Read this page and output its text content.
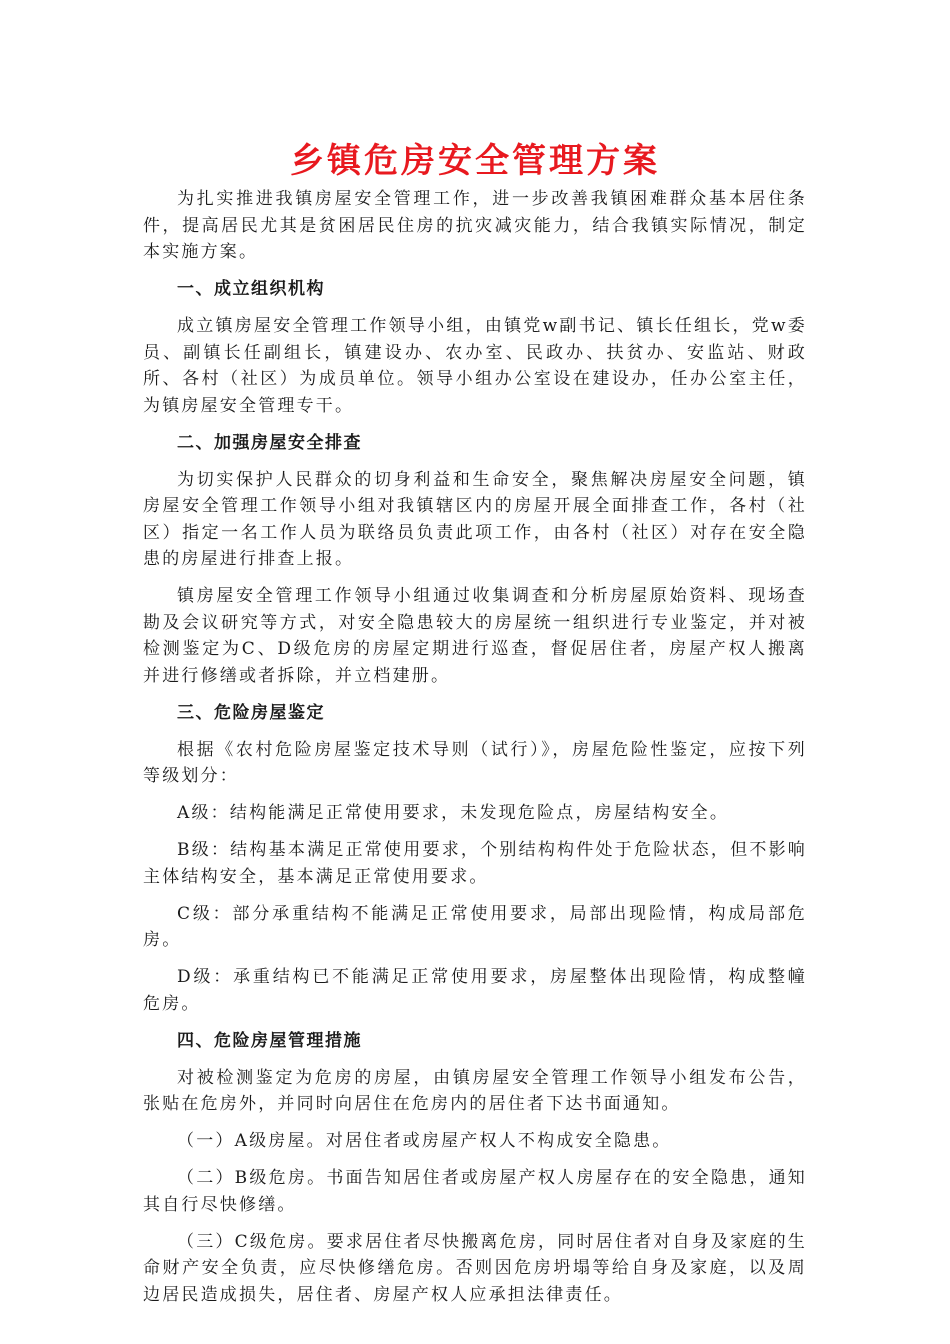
乡镇危房安全管理方案

为扎实推进我镇房屋安全管理工作，进一步改善我镇困难群众基本居住条件，提高居民尤其是贫困居民住房的抗灾减灾能力，结合我镇实际情况，制定本实施方案。

一、成立组织机构

成立镇房屋安全管理工作领导小组，由镇党w副书记、镇长任组长，党w委员、副镇长任副组长，镇建设办、农办室、民政办、扶贫办、安监站、财政所、各村（社区）为成员单位。领导小组办公室设在建设办，任办公室主任，为镇房屋安全管理专干。

二、加强房屋安全排查

为切实保护人民群众的切身利益和生命安全，聚焦解决房屋安全问题，镇房屋安全管理工作领导小组对我镇辖区内的房屋开展全面排查工作，各村（社区）指定一名工作人员为联络员负责此项工作，由各村（社区）对存在安全隐患的房屋进行排查上报。

镇房屋安全管理工作领导小组通过收集调查和分析房屋原始资料、现场查勘及会议研究等方式，对安全隐患较大的房屋统一组织进行专业鉴定，并对被检测鉴定为C、D级危房的房屋定期进行巡查，督促居住者，房屋产权人搬离并进行修缮或者拆除，并立档建册。

三、危险房屋鉴定

根据《农村危险房屋鉴定技术导则（试行）》，房屋危险性鉴定，应按下列等级划分：

A级：结构能满足正常使用要求，未发现危险点，房屋结构安全。

B级：结构基本满足正常使用要求，个别结构构件处于危险状态，但不影响主体结构安全，基本满足正常使用要求。

C级：部分承重结构不能满足正常使用要求，局部出现险情，构成局部危房。

D级：承重结构已不能满足正常使用要求，房屋整体出现险情，构成整幢危房。

四、危险房屋管理措施

对被检测鉴定为危房的房屋，由镇房屋安全管理工作领导小组发布公告，张贴在危房外，并同时向居住在危房内的居住者下达书面通知。

（一）A级房屋。对居住者或房屋产权人不构成安全隐患。

（二）B级危房。书面告知居住者或房屋产权人房屋存在的安全隐患，通知其自行尽快修缮。

（三）C级危房。要求居住者尽快搬离危房，同时居住者对自身及家庭的生命财产安全负责，应尽快修缮危房。否则因危房坍塌等给自身及家庭，以及周边居民造成损失，居住者、房屋产权人应承担法律责任。
